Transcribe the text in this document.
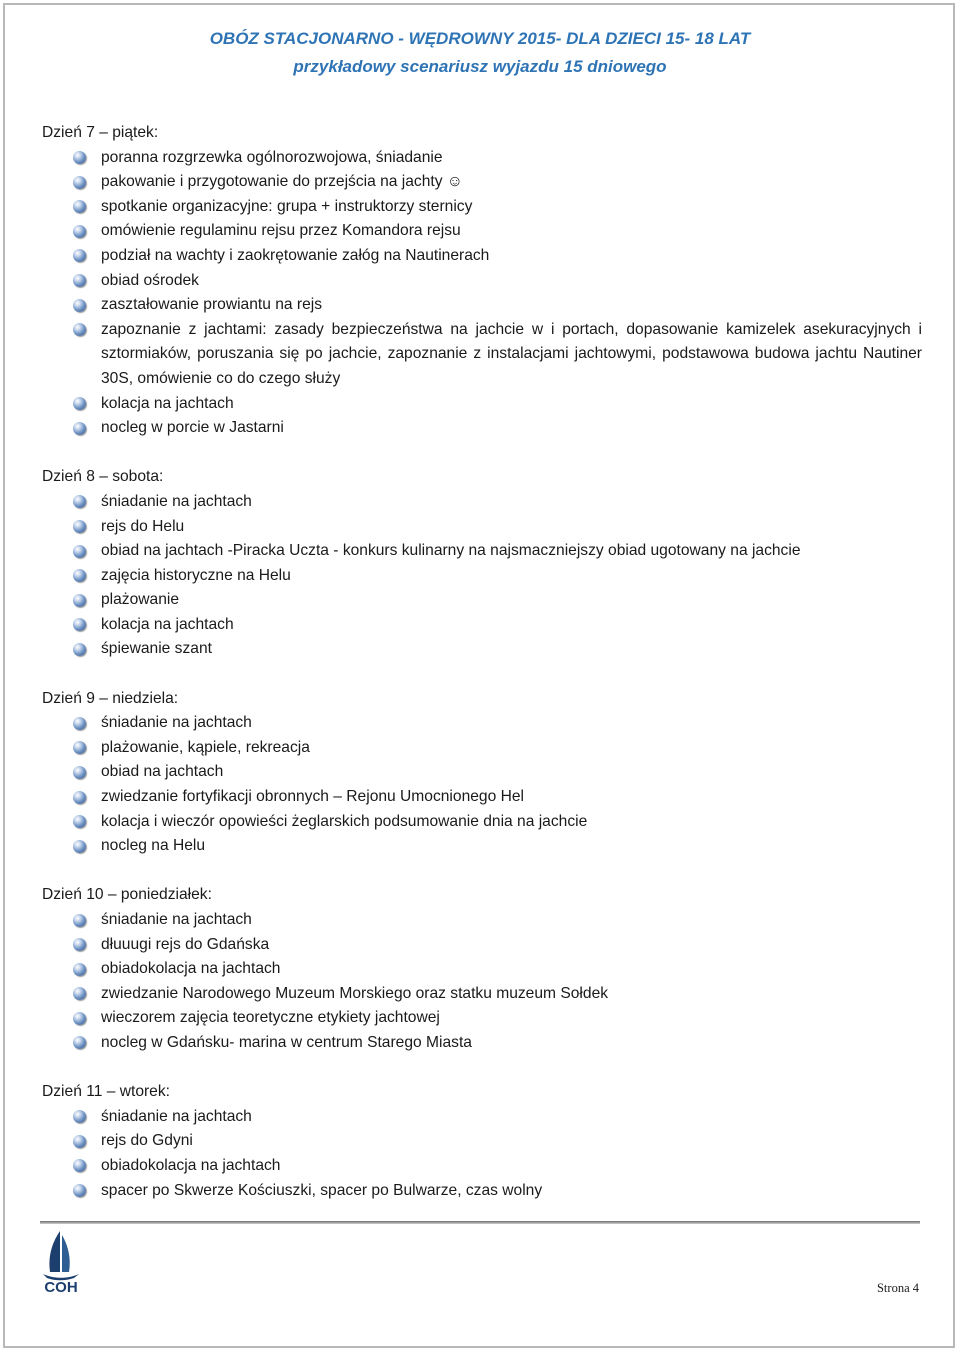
OBÓZ STACJONARNO - WĘDROWNY 2015- DLA DZIECI 15- 18 LAT
przykładowy scenariusz wyjazdu 15 dniowego
Dzień 7 – piątek:
poranna rozgrzewka ogólnorozwojowa, śniadanie
pakowanie i przygotowanie do przejścia na jachty ☺
spotkanie organizacyjne: grupa + instruktorzy sternicy
omówienie regulaminu rejsu przez Komandora rejsu
podział na wachty i zaokrętowanie załóg na Nautinerach
obiad ośrodek
zaształowanie prowiantu na rejs
zapoznanie z jachtami: zasady bezpieczeństwa na jachcie w i portach, dopasowanie kamizelek asekuracyjnych i sztormiaków, poruszania się po jachcie, zapoznanie z instalacjami jachtowymi, podstawowa budowa jachtu Nautiner 30S, omówienie co do czego służy
kolacja na jachtach
nocleg w porcie w Jastarni
Dzień 8 – sobota:
śniadanie na jachtach
rejs do Helu
obiad na jachtach -Piracka Uczta - konkurs kulinarny na najsmaczniejszy obiad ugotowany na jachcie
zajęcia historyczne na Helu
plażowanie
kolacja na jachtach
śpiewanie szant
Dzień 9 – niedziela:
śniadanie na jachtach
plażowanie, kąpiele, rekreacja
obiad na jachtach
zwiedzanie fortyfikacji obronnych – Rejonu Umocnionego Hel
kolacja i wieczór opowieści żeglarskich podsumowanie dnia na jachcie
nocleg na Helu
Dzień 10 – poniedziałek:
śniadanie na jachtach
dłuuugi rejs do Gdańska
obiadokolacja na jachtach
zwiedzanie Narodowego Muzeum Morskiego oraz statku muzeum Sołdek
wieczorem zajęcia teoretyczne etykiety jachtowej
nocleg w Gdańsku- marina w centrum Starego Miasta
Dzień 11 – wtorek:
śniadanie na jachtach
rejs do Gdyni
obiadokolacja na jachtach
spacer po Skwerze Kościuszki, spacer po Bulwarze, czas wolny
COH	Strona 4
